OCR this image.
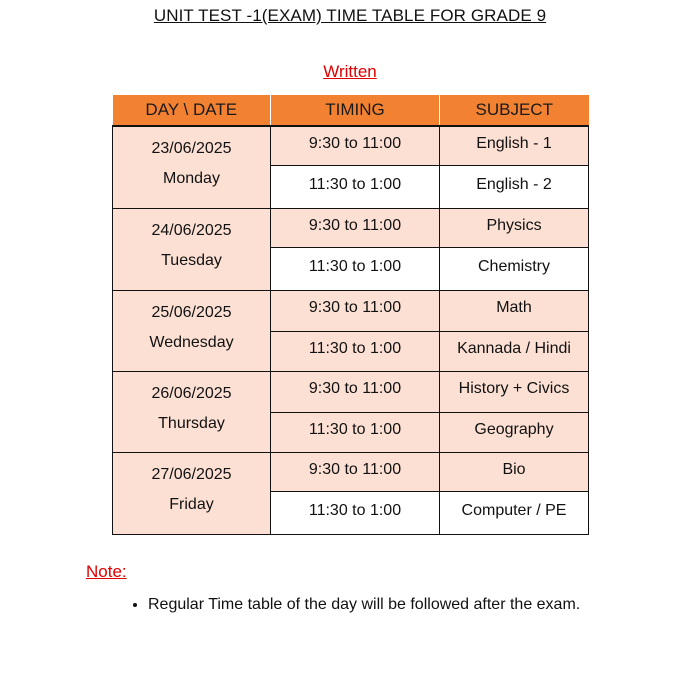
UNIT TEST -1(EXAM) TIME TABLE FOR GRADE 9
Written
DAY \ DATE	TIMING	SUBJECT

23/06/2025
Monday	9:30 to 11:00	English - 1
	11:30 to 1:00	English - 2

24/06/2025
Tuesday	9:30 to 11:00	Physics
	11:30 to 1:00	Chemistry

25/06/2025
Wednesday	9:30 to 11:00	Math
	11:30 to 1:00	Kannada / Hindi

26/06/2025
Thursday	9:30 to 11:00	History + Civics
	11:30 to 1:00	Geography

27/06/2025
Friday	9:30 to 11:00	Bio
	11:30 to 1:00	Computer / PE
Note:
• Regular Time table of the day will be followed after the exam.
